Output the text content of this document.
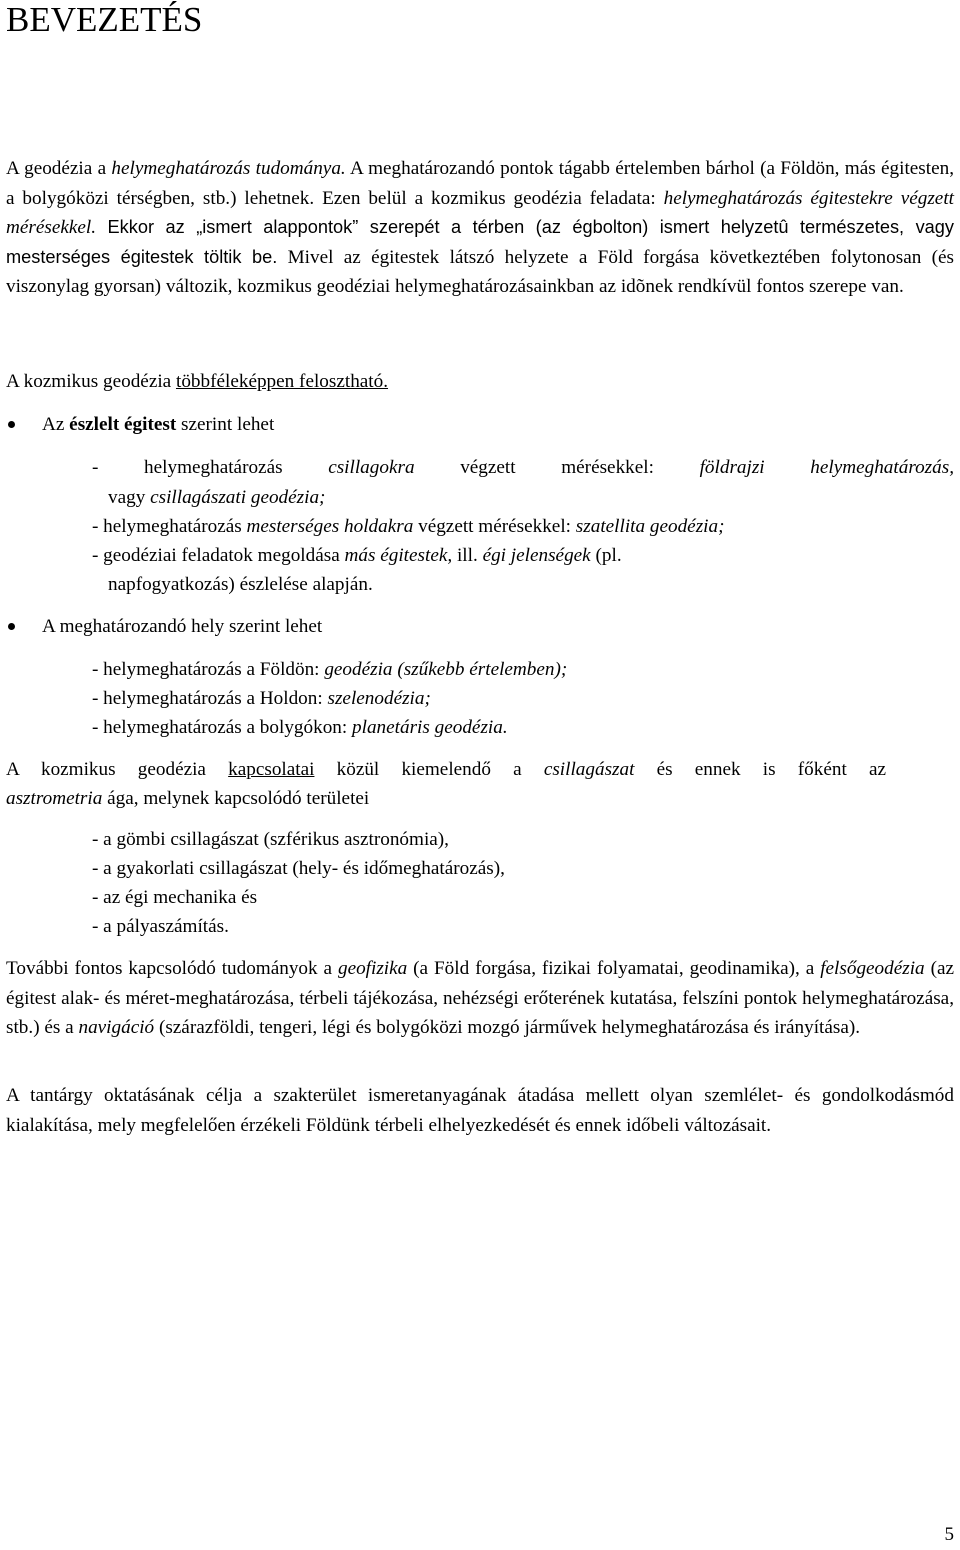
BEVEZETÉS

A geodézia a helymeghatározás tudománya. A meghatározandó pontok tágabb értelemben bárhol (a Földön, más égitesten, a bolygóközi térségben, stb.) lehetnek. Ezen belül a kozmikus geodézia feladata: helymeghatározás égitestekre végzett mérésekkel. Ekkor az „ismert alappontok” szerepét a térben (az égbolton) ismert helyzetû természetes, vagy mesterséges égitestek töltik be. Mivel az égitestek látszó helyzete a Föld forgása következtében folytonosan (és viszonylag gyorsan) változik, kozmikus geodéziai helymeghatározásainkban az idõnek rendkívül fontos szerepe van.

A kozmikus geodézia többféleképpen felosztható.

Az észlelt égitest szerint lehet

- helymeghatározás csillagokra végzett mérésekkel: földrajzi helymeghatározás,

vagy csillagászati geodézia;

- helymeghatározás mesterséges holdakra végzett mérésekkel: szatellita geodézia;

- geodéziai feladatok megoldása más égitestek, ill. égi jelenségek (pl.

napfogyatkozás) észlelése alapján.

A meghatározandó hely szerint lehet

- helymeghatározás a Földön: geodézia (szűkebb értelemben);

- helymeghatározás a Holdon: szelenodézia;

- helymeghatározás a bolygókon: planetáris geodézia.

A kozmikus geodézia kapcsolatai közül kiemelendő a csillagászat és ennek is főként az

asztrometria ága, melynek kapcsolódó területei

- a gömbi csillagászat (szférikus asztronómia),

- a gyakorlati csillagászat (hely- és időmeghatározás),

- az égi mechanika és

- a pályaszámítás.

További fontos kapcsolódó tudományok a geofizika (a Föld forgása, fizikai folyamatai, geodinamika), a felsőgeodézia (az égitest alak- és méret-meghatározása, térbeli tájékozása, nehézségi erőterének kutatása, felszíni pontok helymeghatározása, stb.) és a navigáció (szárazföldi, tengeri, légi és bolygóközi mozgó járművek helymeghatározása és irányítása).

A tantárgy oktatásának célja a szakterület ismeretanyagának átadása mellett olyan szemlélet- és gondolkodásmód kialakítása, mely megfelelően érzékeli Földünk térbeli elhelyezkedését és ennek időbeli változásait.

5
